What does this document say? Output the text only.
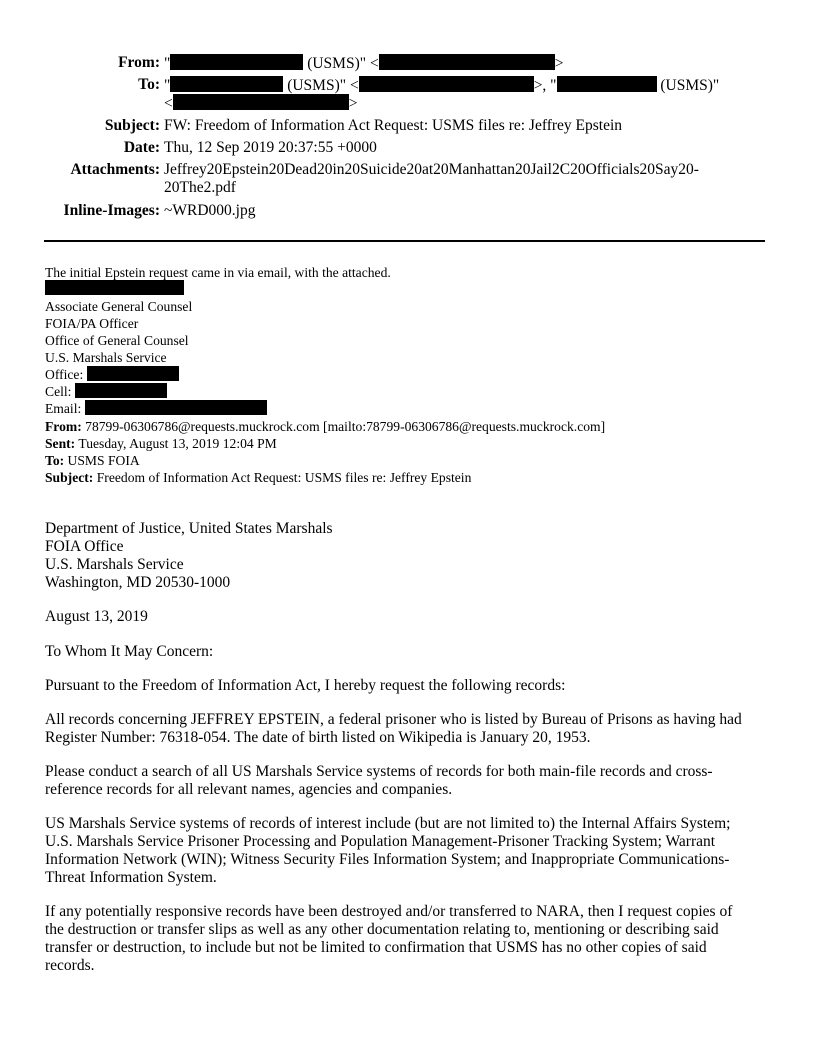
From: "	(USMS)" <	>
To: "	(USMS)" <	>, "	(USMS)"
<	>
Subject: FW: Freedom of Information Act Request: USMS files re: Jeffrey Epstein
Date: Thu, 12 Sep 2019 20:37:55 +0000
Attachments: Jeffrey20Epstein20Dead20in20Suicide20at20Manhattan20Jail2C20Officials20Say20-
20The2.pdf
Inline-Images: ~WRD000.jpg
The initial Epstein request came in via email, with the attached.
Associate General Counsel
FOIA/PA Officer
Office of General Counsel
U.S. Marshals Service
Office:
Cell:
Email:
From: 78799-06306786@requests.muckrock.com [mailto:78799-06306786@requests.muckrock.com]
Sent: Tuesday, August 13, 2019 12:04 PM
To: USMS FOIA
Subject: Freedom of Information Act Request: USMS files re: Jeffrey Epstein
Department of Justice, United States Marshals
FOIA Office
U.S. Marshals Service
Washington, MD 20530-1000
August 13, 2019
To Whom It May Concern:
Pursuant to the Freedom of Information Act, I hereby request the following records:
All records concerning JEFFREY EPSTEIN, a federal prisoner who is listed by Bureau of Prisons as having had
Register Number: 76318-054. The date of birth listed on Wikipedia is January 20, 1953.
Please conduct a search of all US Marshals Service systems of records for both main-file records and cross-
reference records for all relevant names, agencies and companies.
US Marshals Service systems of records of interest include (but are not limited to) the Internal Affairs System;
U.S. Marshals Service Prisoner Processing and Population Management-Prisoner Tracking System; Warrant
Information Network (WIN); Witness Security Files Information System; and Inappropriate Communications-
Threat Information System.
If any potentially responsive records have been destroyed and/or transferred to NARA, then I request copies of
the destruction or transfer slips as well as any other documentation relating to, mentioning or describing said
transfer or destruction, to include but not be limited to confirmation that USMS has no other copies of said
records.
